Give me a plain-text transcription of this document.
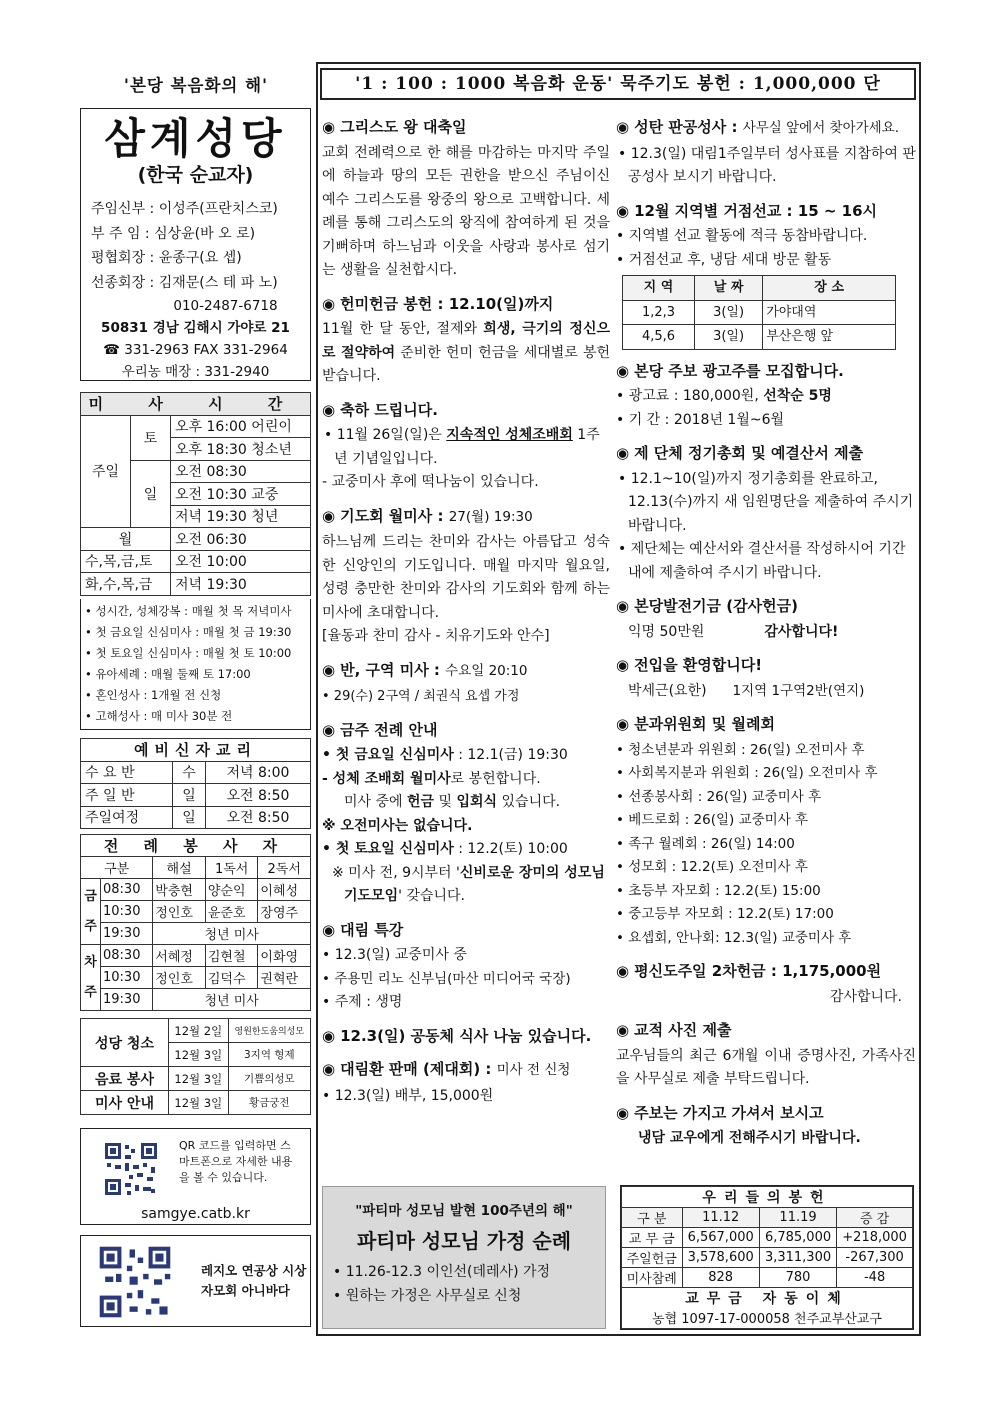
'본당 복음화의 해'
삼계성당
(한국 순교자)
주임신부 : 이성주(프란치스코)
부 주 임 : 심상윤(바 오 로)
평협회장 : 윤종구(요 셉)
선종회장 : 김재문(스 테 파 노)
010-2487-6718
50831 경남 김해시 가야로 21
☎ 331-2963 FAX 331-2964
우리농 매장 : 331-2940
미 사 시 간		
주일	토	오후 16:00 어린이
		오후 18:30 청소년
	일	오전 08:30
		오전 10:30 교중
		저녁 19:30 청년
월		오전 06:30
수,목,금,토		오전 10:00
화,수,목,금		저녁 19:30
• 성시간, 성체강복 : 매월 첫 목 저녁미사
• 첫 금요일 신심미사 : 매월 첫 금 19:30
• 첫 토요일 신심미사 : 매월 첫 토 10:00
• 유아세례 : 매월 둘째 토 17:00
• 혼인성사 : 1개월 전 신청
• 고해성사 : 매 미사 30분 전
예비신자교리		
수 요 반	수	저녁 8:00
주 일 반	일	오전 8:50
주일여정	일	오전 8:50
전 례 봉 사 자				
구분		해설	1독서	2독서
금주	08:30	박충현	양순익	이혜성
	10:30	정인호	윤준호	장영주
	19:30	청년 미사		
차주	08:30	서혜정	김현철	이화영
	10:30	정인호	김덕수	권혁란
	19:30	청년 미사		
성당 청소	12월 2일	영원한도움의성모
	12월 3일	3지역 형제
음료 봉사	12월 3일	기쁨의성모
미사 안내	12월 3일	황금궁전
QR 코드를 입력하면 스마트폰으로 자세한 내용을 볼 수 있습니다.
samgye.catb.kr
레지오 연공상 시상 자모회 아니바다
'1 : 100 : 1000 복음화 운동' 묵주기도 봉헌 : 1,000,000 단
◉ 그리스도 왕 대축일
교회 전례력으로 한 해를 마감하는 마지막 주일에 하늘과 땅의 모든 권한을 받으신 주님이신 예수 그리스도를 왕중의 왕으로 고백합니다. 세례를 통해 그리스도의 왕직에 참여하게 된 것을 기뻐하며 하느님과 이웃을 사랑과 봉사로 섬기는 생활을 실천합시다.
◉ 헌미헌금 봉헌 : 12.10(일)까지
11월 한 달 동안, 절제와 희생, 극기의 정신으로 절약하여 준비한 헌미 헌금을 세대별로 봉헌 받습니다.
◉ 축하 드립니다.
• 11월 26일(일)은 지속적인 성체조배회 1주년 기념일입니다.
- 교중미사 후에 떡나눔이 있습니다.
◉ 기도회 월미사 : 27(월) 19:30
하느님께 드리는 찬미와 감사는 아름답고 성숙한 신앙인의 기도입니다. 매월 마지막 월요일, 성령 충만한 찬미와 감사의 기도회와 함께 하는 미사에 초대합니다.
[율동과 찬미 감사 - 치유기도와 안수]
◉ 반, 구역 미사 : 수요일 20:10
• 29(수) 2구역 / 최권식 요셉 가정
◉ 금주 전례 안내
• 첫 금요일 신심미사 : 12.1(금) 19:30
- 성체 조배회 월미사로 봉헌합니다.
미사 중에 헌금 및 입회식 있습니다.
※ 오전미사는 없습니다.
• 첫 토요일 신심미사 : 12.2(토) 10:00
※ 미사 전, 9시부터 '신비로운 장미의 성모님 기도모임' 갖습니다.
◉ 대림 특강
• 12.3(일) 교중미사 중
• 주용민 리노 신부님(마산 미디어국 국장)
• 주제 : 생명
◉ 12.3(일) 공동체 식사 나눔 있습니다.
◉ 대림환 판매 (제대회) : 미사 전 신청
• 12.3(일) 배부, 15,000원
"파티마 성모님 발현 100주년의 해"
파티마 성모님 가정 순례
• 11.26-12.3 이인선(데레사) 가정
• 원하는 가정은 사무실로 신청
◉ 성탄 판공성사 : 사무실 앞에서 찾아가세요.
• 12.3(일) 대림1주일부터 성사표를 지참하여 판공성사 보시기 바랍니다.
◉ 12월 지역별 거점선교 : 15 ~ 16시
• 지역별 선교 활동에 적극 동참바랍니다.
• 거점선교 후, 냉담 세대 방문 활동
지 역	날 짜	장 소
1,2,3	3(일)	가야대역
4,5,6	3(일)	부산은행 앞
◉ 본당 주보 광고주를 모집합니다.
• 광고료 : 180,000원, 선착순 5명
• 기 간 : 2018년 1월~6월
◉ 제 단체 정기총회 및 예결산서 제출
• 12.1~10(일)까지 정기총회를 완료하고, 12.13(수)까지 새 임원명단을 제출하여 주시기 바랍니다.
• 제단체는 예산서와 결산서를 작성하시어 기간 내에 제출하여 주시기 바랍니다.
◉ 본당발전기금 (감사헌금)
익명 50만원	감사합니다!
◉ 전입을 환영합니다!
박세근(요한) 1지역 1구역2반(연지)
◉ 분과위원회 및 월례회
• 청소년분과 위원회 : 26(일) 오전미사 후
• 사회복지분과 위원회 : 26(일) 오전미사 후
• 선종봉사회 : 26(일) 교중미사 후
• 베드로회 : 26(일) 교중미사 후
• 족구 월례회 : 26(일) 14:00
• 성모회 : 12.2(토) 오전미사 후
• 초등부 자모회 : 12.2(토) 15:00
• 중고등부 자모회 : 12.2(토) 17:00
• 요셉회, 안나회: 12.3(일) 교중미사 후
◉ 평신도주일 2차헌금 : 1,175,000원
감사합니다.
◉ 교적 사진 제출
교우님들의 최근 6개월 이내 증명사진, 가족사진을 사무실로 제출 부탁드립니다.
◉ 주보는 가지고 가셔서 보시고
냉담 교우에게 전해주시기 바랍니다.
우리들의봉헌			
구 분	11.12	11.19	증 감
교 무 금	6,567,000	6,785,000	+218,000
주일헌금	3,578,600	3,311,300	-267,300
미사참례	828	780	-48
교무금 자동이체			
농협 1097-17-000058 천주교부산교구			
